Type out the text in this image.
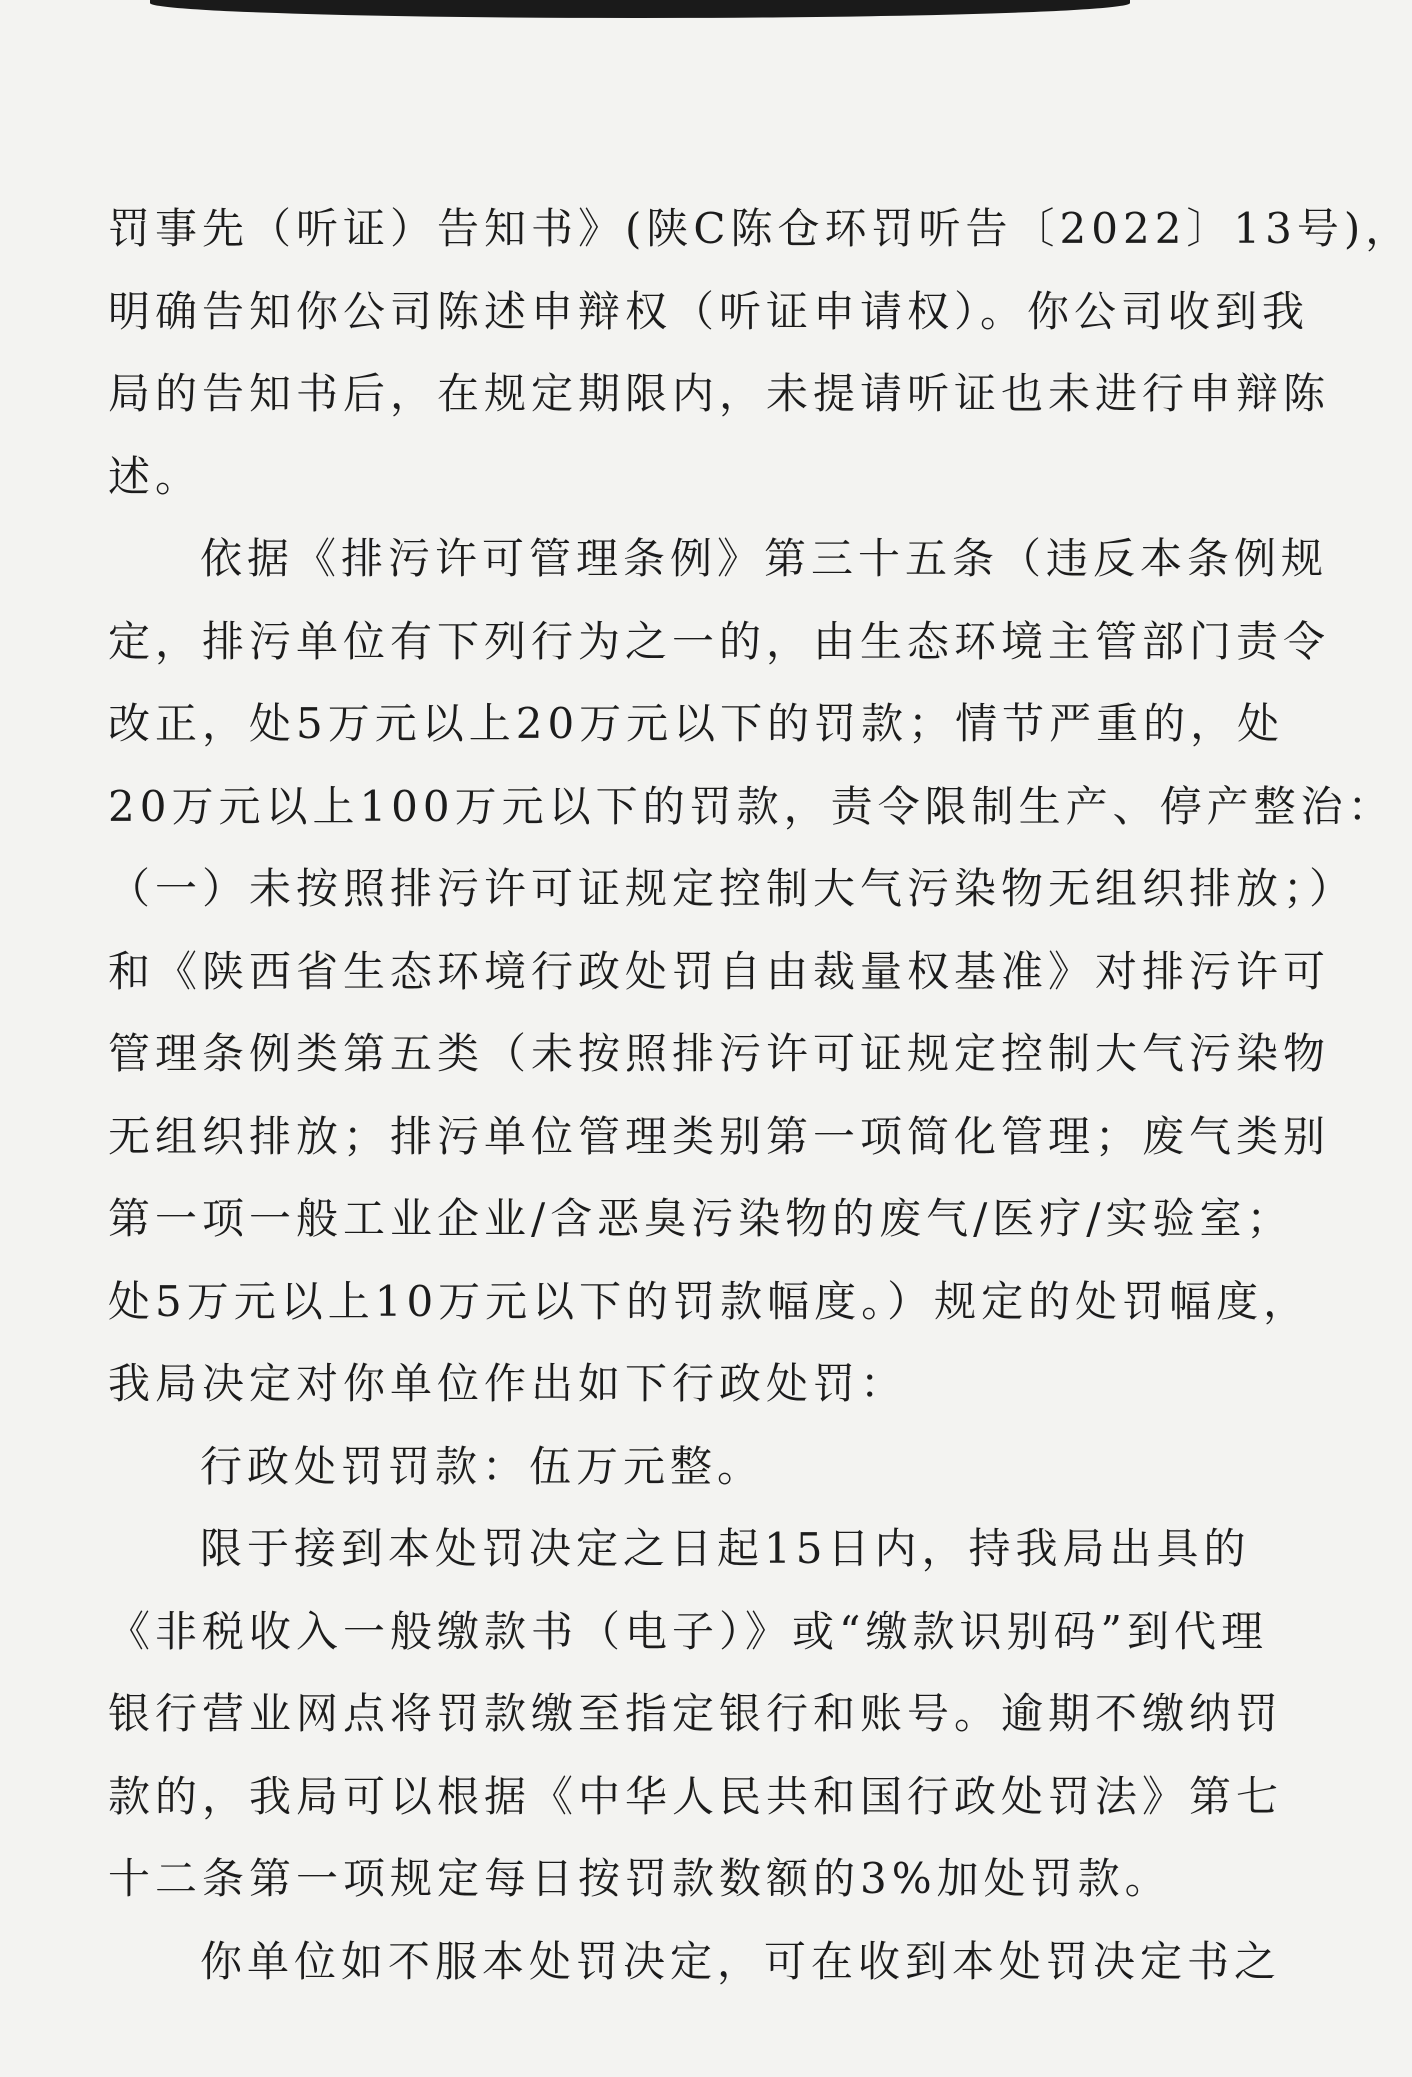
罚事先（听证）告知书》(陕C陈仓环罚听告〔2022〕13号)，
明确告知你公司陈述申辩权（听证申请权）。你公司收到我
局的告知书后，在规定期限内，未提请听证也未进行申辩陈
述。
依据《排污许可管理条例》第三十五条（违反本条例规
定，排污单位有下列行为之一的，由生态环境主管部门责令
改正，处5万元以上20万元以下的罚款；情节严重的，处
20万元以上100万元以下的罚款，责令限制生产、停产整治：
（一）未按照排污许可证规定控制大气污染物无组织排放；）
和《陕西省生态环境行政处罚自由裁量权基准》对排污许可
管理条例类第五类（未按照排污许可证规定控制大气污染物
无组织排放；排污单位管理类别第一项简化管理；废气类别
第一项一般工业企业/含恶臭污染物的废气/医疗/实验室；
处5万元以上10万元以下的罚款幅度。）规定的处罚幅度，
我局决定对你单位作出如下行政处罚：
行政处罚罚款：伍万元整。
限于接到本处罚决定之日起15日内，持我局出具的
《非税收入一般缴款书（电子）》或“缴款识别码”到代理
银行营业网点将罚款缴至指定银行和账号。逾期不缴纳罚
款的，我局可以根据《中华人民共和国行政处罚法》第七
十二条第一项规定每日按罚款数额的3%加处罚款。
你单位如不服本处罚决定，可在收到本处罚决定书之
